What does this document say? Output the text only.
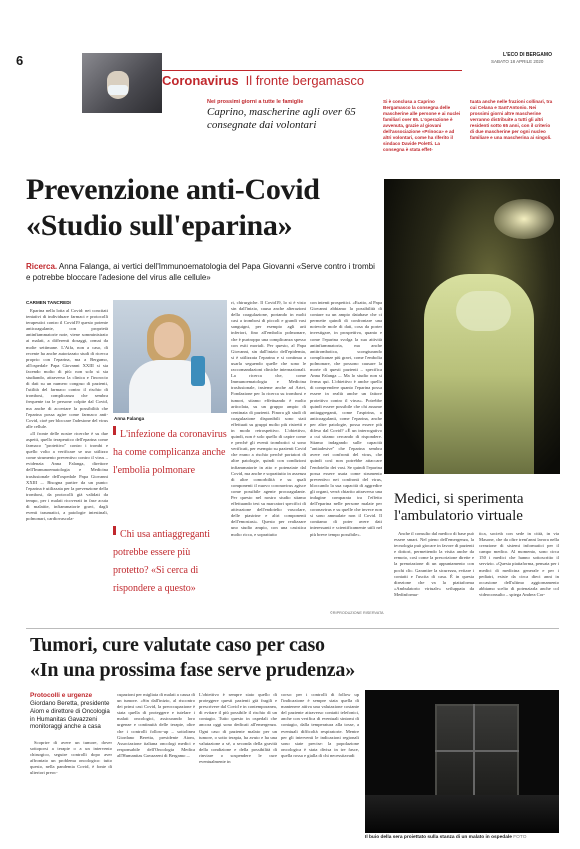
6	L'ECO DI BERGAMO
SABATO 18 APRILE 2020
Coronavirus Il fronte bergamasco
Nei prossimi giorni a tutte le famiglie
Caprino, mascherine agli over 65 consegnate dai volontari
Si è conclusa a Caprino Bergamasco la consegna delle mascherine alle persone e ai nuclei familiari over 65. L'operazione è avvenuta, grazie al giovani dell'associazione «Prinoca» e ad altri volontari, come ha riferito il sindaco Davide Poletti. La consegna è stata effet-
tuata anche nelle frazioni collinari, tra cui Celana e Sant'Antonio. Nei prossimi giorni altre mascherine verranno distribuite a tutti gli altri residenti sotto 65 anni, con il criterio di due mascherine per ogni nucleo familiare e una mascherina ai singoli.
Prevenzione anti-Covid
«Studio sull'eparina»
Ricerca. Anna Falanga, ai vertici dell'Immunoematologia del Papa Giovanni «Serve contro i trombi e potrebbe bloccare l'adesione del virus alle cellule»
CARMEN TANCREDI

Eparina nella lotta al Covid: nei concitati tentativi di individuare farmaci e protocolli terapeutici contro il Covid19 questo potente anticoagulante, con proprietà antinfiammatorie note, viene somministrato ai malati, a differenti dosaggi, ormai da molte settimane. L'Aifa, non a caso, di recente ha anche autorizzato studi di ricerca proprio con l'eparina, ma a Bergamo, all'ospedale Papa Giovanni XXIII si sta facendo molto di più: non solo si sta studiando, attraverso la clinica e l'incrocio di dati su un numero congruo di pazienti, l'utilità del farmaco contro il rischio di trombosi, complicanza che sembra frequente tra le persone colpite dal Covid, ma anche di accertare la possibilità che l'eparina possa agire come farmaco anti-Covid, cioè per bloccare l'adesione del virus alle cellule.

«Il fronte delle nostre ricerche è su due aspetti, quello terapeutico dell'eparina come farmaco "protettivo" contro i trombi e quello volto a verificare se uso utilizzo come strumento preventivo contro il virus – evidenzia Anna Falanga, direttore dell'Immunoematologia e Medicina trasfusionale dell'ospedale Papa Giovanni XXIII –. Bisogna partire da un punto: l'eparina è utilizzata per la prevenzione della trombosi, da protocolli già validati da tempo, per i malati ricoverati in fase acuta di malattie, infiammatorie gravi, dagli eventi traumatici, a patologie intestinali, polmonari, cardiovascola-

Anna Falanga
L'infezione da coronavirus ha come complicanza anche l'embolia polmonare
Chi usa antiaggreganti potrebbe essere più protetto? «Si cerca di rispondere a questo»

ri, chirurgiche. Il Covid19, lo si è visto sin dall'inizio, causa anche alterazioni della coagulazione, portando in molti casi a trombosi di piccoli e grandi vasi sanguigni, per esempio agli arti inferiori, fino all'embolia polmonare, che è purtroppo una complicanza spesso con esiti mortali. Per questo, al Papa Giovanni, sin dall'inizio dell'epidemia, si è utilizzata l'eparina e si continua a usarla seguendo quelle che sono le raccomandazioni cliniche internazionali. La ricerca che, come Immunoematologia e Medicina trasfusionale, insieme anche ad Artet, Fondazione per la ricerca su trombosi e tumori, stiamo effettuando è molto articolata, su un gruppo ampio di centinaia di pazienti. Finora gli studi di coagulazione disponibili sono stati effettuati su gruppi molto più ristretti e in modo retrospettivo. L'obiettivo, quindi, non è solo quello di capire come e perché gli eventi trombotici si sono verificati, per esempio su pazienti Covid che erano a rischio perché portatori di altre patologie, quindi con condizioni infiammatorie in atto e potenziate dal Covid, ma anche e soprattutto in assenza di altre comorbilità e su quali componenti il nuovo coronavirus agisce come possibile agente procoagulante. Per questo nel nostro studio stiamo effettuando test su marcatori specifici di attivazione dell'endotelio vascolare, delle piastrine e altri componenti dell'emostasi». Questo per realizzare uno studio ampio, con una casistica molto ricca, e soprattutto

con intenti prospettici. «Esatto, al Papa Giovanni abbiamo la possibilità di contare su un ampio database che ci permette quindi di confrontare una notevole mole di dati, cosa da porter investigare, in prospettiva, quanto e come l'eparina svolga la sua attività antinfiammatoria, ma anche antitrombotica, scongiurando complicanze più gravi, come l'embolia polmonare, che possono causare la morte di questi pazienti – specifica Anna Falanga –. Ma lo studio non si ferma qui. L'obiettivo è anche quello di comprendere quanto l'eparina possa essere in realtà anche un fattore protettivo contro il virus». Potrebbe quindi essere possibile che chi assume antiaggreganti, come l'aspirina, o anticoagulanti, come l'eparina, anche per altre patologie, possa essere più difeso dal Covid? «È un interrogativo a cui stiamo cercando di rispondere. Stiamo indagando sulle capacità "antiadesive" che l'eparina sembra avere nei confronti del virus, che quindi così non potrebbe attaccare l'endotelio dei vasi. Se quindi l'eparina possa essere usata come strumento preventivo nei confronti del virus, bloccando la sua capacità di aggredire gli organi, verrà chiarito attraverso una indagine comparata tra l'effetto dell'eparina nelle persone malate per coronavirus e su quelle che invece non si sono ammalate non il Covid. Il contiamo di poter avere dati interessanti e scientificamente utili nel più breve tempo possibile».

©RIPRODUZIONE RISERVATA
Medici, si sperimenta l'ambulatorio virtuale

Anche il consulto dal medico di base può essere smart. Nel pieno dell'emergenza, la tecnologia può giocare in favore di pazienti e dottori, permettendo la visita anche da remoto, così come la prescrizione dirette e la prenotazione di un appuntamento con pochi clic. Garantire la sicurezza, evitare i contatti e l'uscita di casa. È in questa direzione che va la piattaforma «Ambulatorio virtuale» sviluppata da Medinforma-

tica, società con sede in città, in via Masone, che da oltre trent'anni lavora nella creazione di sistemi informatici per il campo medico. Al momento, sono circa 150 i medici che hanno sottoscritto il servizio. «Questa piattaforma, pensata per i medici di medicina generale e per i pediatri, esiste da circa dieci anni in occasione dell'ultimo aggiornamento abbiamo scelto di potenziarla anche col videoconsulto – spiega Andrea Cor-

Tumori, cure valutate caso per caso
«In una prossima fase serve prudenza»
Protocolli e urgenze
Giordano Beretta, presidente Aiom e direttore di Oncologia in Humanitas Gavazzeni monitoraggi anche a casa

Scoprire di avere un tumore, dover sottoporsi a terapie o a un intervento chirurgico, seguire controlli dopo aver affrontato un problema oncologico: tutto questo, nella pandemia Covid, è fonte di ulteriori preoc-

cupazioni per migliaia di malati a causa di un tumore. «Sin dall'inizio, al riscontro dei primi casi Covid, la preoccupazione è stata quella di proteggere e tutelare i malati oncologici, assicurando loro urgenze e continuità delle terapie, oltre che i controlli follow-up – sottolinea Giordano Beretta, presidente Aiom, Associazione italiana oncologi medici e responsabile dell'Oncologia Medica all'Humanitas Gavazzeni di Bergamo –.

L'obiettivo è sempre stato quello di proteggere questi pazienti già fragili e prescrivere dal Covid e in contemporanea, di evitare il più possibile il rischio di un contagio. Tutto questo in ospedali che ancora oggi sono dedicati all'emergenza. Ogni caso di paziente malato per un tumore, o sotto terapia, ha avuto e ha una valutazione a sé, a seconda della gravità della condizione e della possibilità di rinviare o sospendere le cure eventualmente in

corso: per i controlli di follow up l'indicazione è sempre stata quella di mantenere attiva una valutazione costante del paziente attraverso contatti telefonici, anche con verifica di eventuali sintomi di contagio, dalla temperatura alla tosse, a eventuali difficoltà respiratorie. Mentre per gli interventi le indicazioni regionali sono state precise: la popolazione oncologica è stata divisa in tre fasce, quella rossa e gialla di chi necessitavadi

Il buio della sera proiettato sulla stanza di un malato in ospedale FOTO
